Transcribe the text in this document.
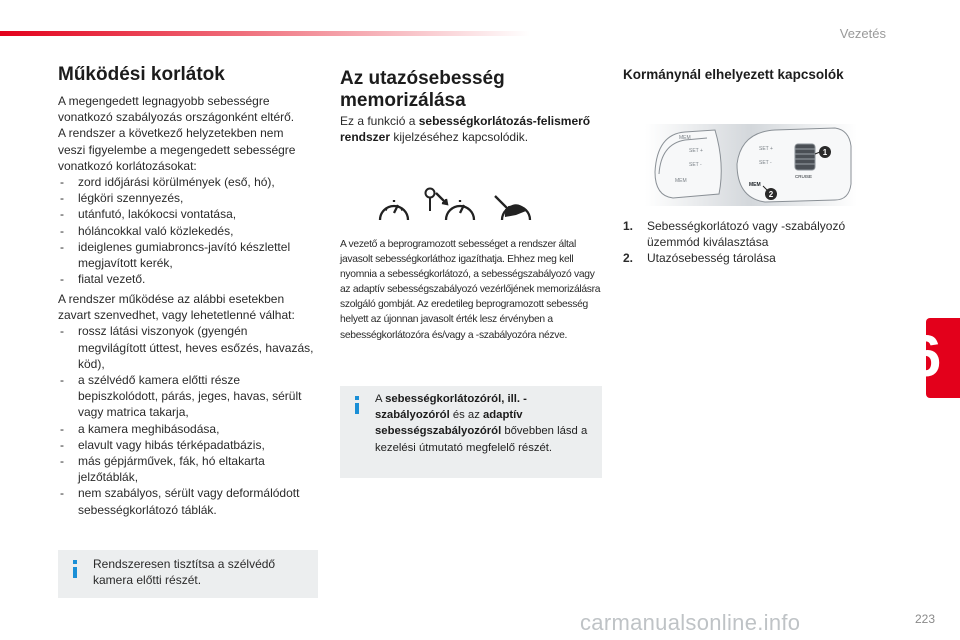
Vezetés
6
Működési korlátok
A megengedett legnagyobb sebességre vonatkozó szabályozás országonként eltérő. A rendszer a következő helyzetekben nem veszi figyelembe a megengedett sebességre vonatkozó korlátozásokat:
- zord időjárási körülmények (eső, hó),
- légköri szennyezés,
- utánfutó, lakókocsi vontatása,
- hóláncokkal való közlekedés,
- ideiglenes gumiabroncs-javító készlettel megjavított kerék,
- fiatal vezető.
A rendszer működése az alábbi esetekben zavart szenvedhet, vagy lehetetlenné válhat:
- rossz látási viszonyok (gyengén megvilágított úttest, heves esőzés, havazás, köd),
- a szélvédő kamera előtti része bepiszkolódott, párás, jeges, havas, sérült vagy matrica takarja,
- a kamera meghibásodása,
- elavult vagy hibás térképadatbázis,
- más gépjárművek, fák, hó eltakarta jelzőtáblák,
- nem szabályos, sérült vagy deformálódott sebességkorlátozó táblák.
Rendszeresen tisztítsa a szélvédő kamera előtti részét.
Az utazósebesség memorizálása
Ez a funkció a sebességkorlátozás-felismerő rendszer kijelzéséhez kapcsolódik.
A vezető a beprogramozott sebességet a rendszer által javasolt sebességkorláthoz igazíthatja. Ehhez meg kell nyomnia a sebességkorlátozó, a sebességszabályozó vagy az adaptív sebességszabályozó vezérlőjének memorizálásra szolgáló gombját. Az eredetileg beprogramozott sebesség helyett az újonnan javasolt érték lesz érvényben a sebességkorlátozóra és/vagy a -szabályozóra nézve.
A sebességkorlátozóról, ill. -szabályozóról és az adaptív sebességszabályozóról bővebben lásd a kezelési útmutató megfelelő részét.
Kormánynál elhelyezett kapcsolók
MEM
SET +
SET -
MEM
MEM
CRUISE
SET +
SET -
1
2
1. Sebességkorlátozó vagy -szabályozó üzemmód kiválasztása
2. Utazósebesség tárolása
223
carmanualsonline.info
